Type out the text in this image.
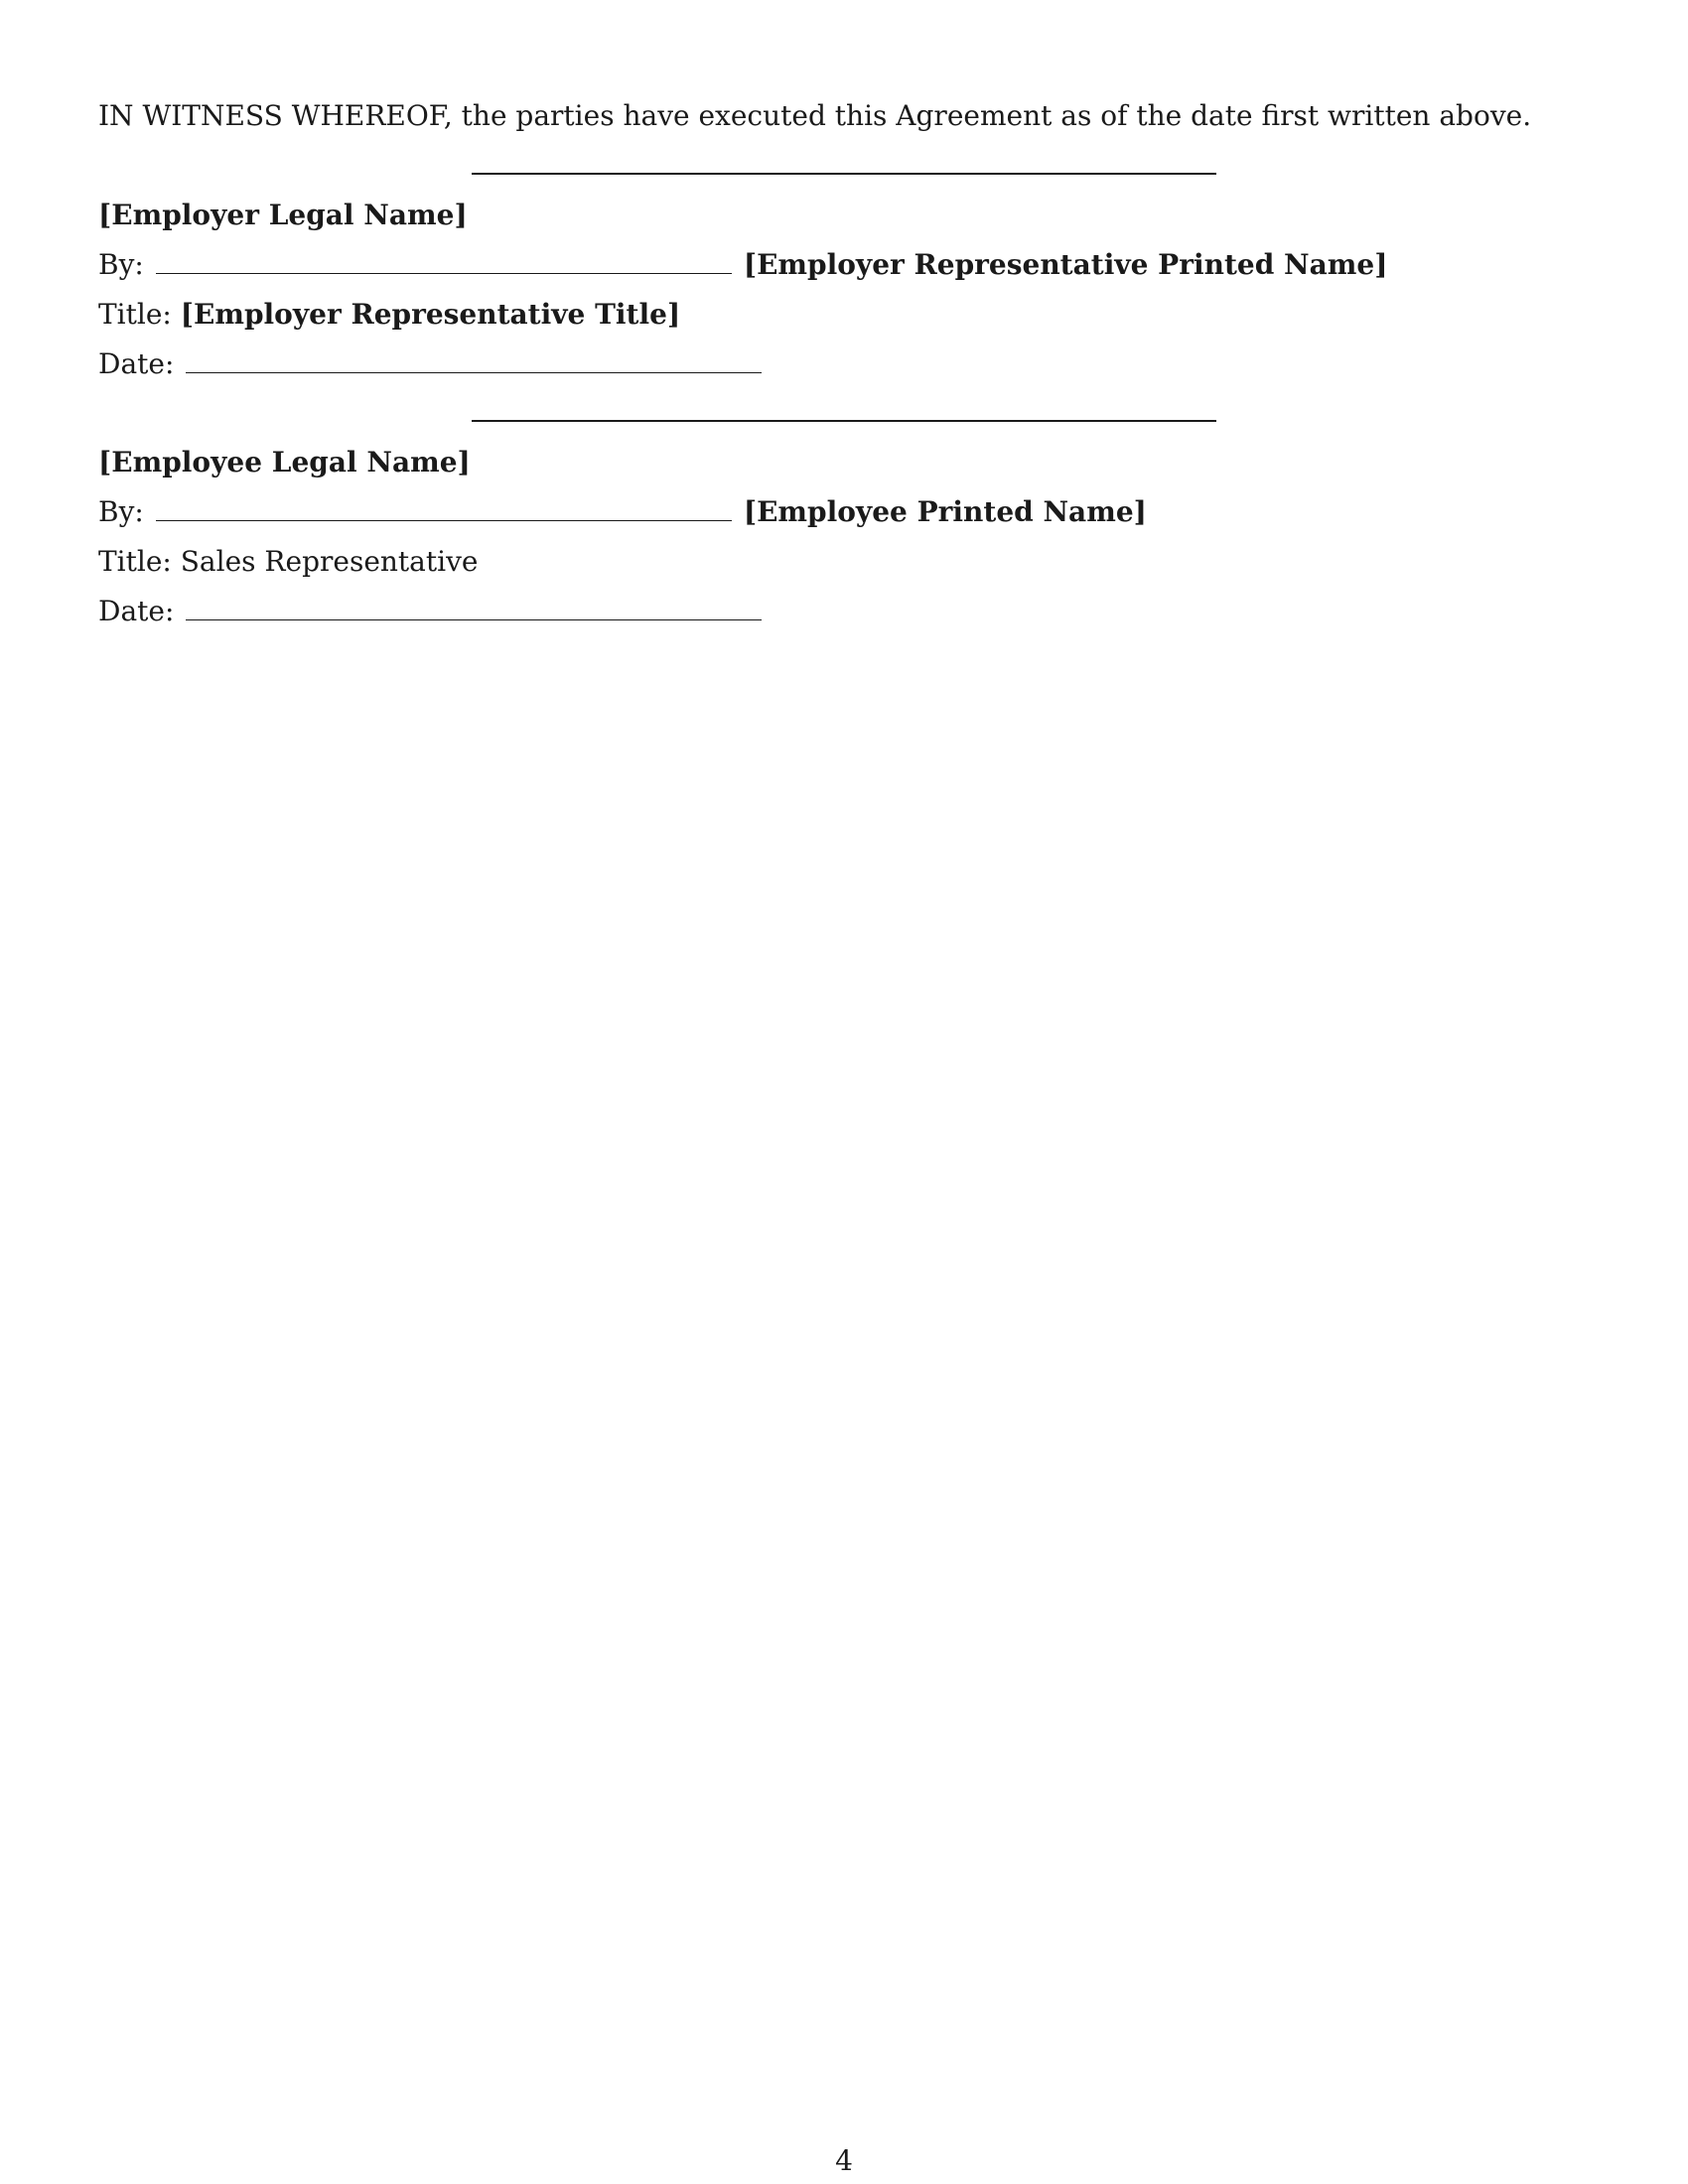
IN WITNESS WHEREOF, the parties have executed this Agreement as of the date first written above.
[Employer Legal Name]
By:	[Employer Representative Printed Name]
Title: [Employer Representative Title]
Date:
[Employee Legal Name]
By:	[Employee Printed Name]
Title: Sales Representative
Date:
4
